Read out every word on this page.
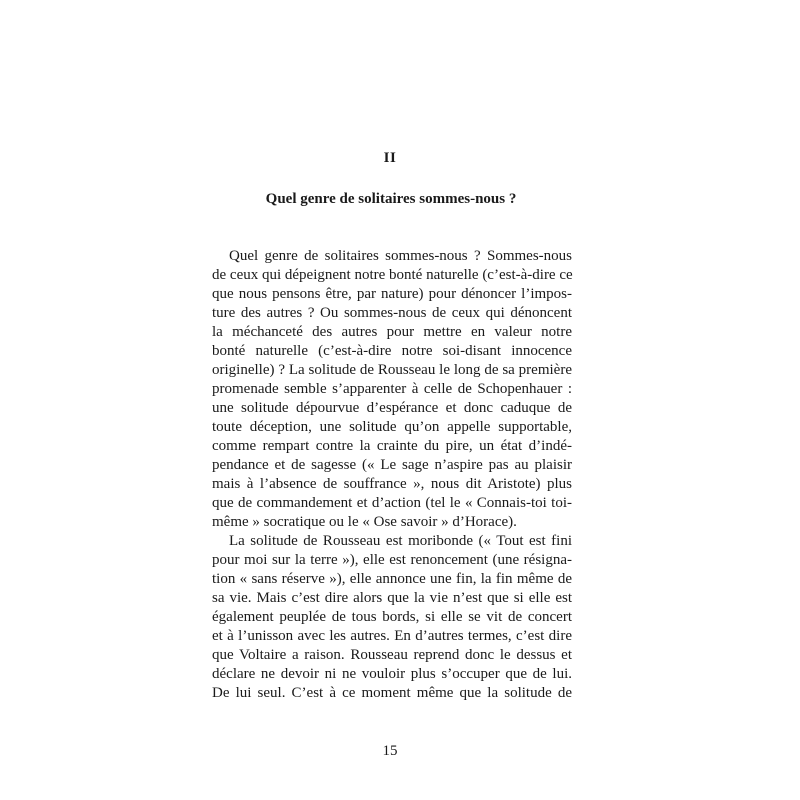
II
Quel genre de solitaires sommes-nous ?
Quel genre de solitaires sommes-nous ? Sommes-nous
de ceux qui dépeignent notre bonté naturelle (c’est-à-dire ce
que nous pensons être, par nature) pour dénoncer l’impos-
ture des autres ? Ou sommes-nous de ceux qui dénoncent
la méchanceté des autres pour mettre en valeur notre
bonté naturelle (c’est-à-dire notre soi-disant innocence
originelle) ? La solitude de Rousseau le long de sa première
promenade semble s’apparenter à celle de Schopenhauer :
une solitude dépourvue d’espérance et donc caduque de
toute déception, une solitude qu’on appelle supportable,
comme rempart contre la crainte du pire, un état d’indé-
pendance et de sagesse (« Le sage n’aspire pas au plaisir
mais à l’absence de souffrance », nous dit Aristote) plus
que de commandement et d’action (tel le « Connais-toi toi-
même » socratique ou le « Ose savoir » d’Horace).
La solitude de Rousseau est moribonde (« Tout est fini
pour moi sur la terre »), elle est renoncement (une résigna-
tion « sans réserve »), elle annonce une fin, la fin même de
sa vie. Mais c’est dire alors que la vie n’est que si elle est
également peuplée de tous bords, si elle se vit de concert
et à l’unisson avec les autres. En d’autres termes, c’est dire
que Voltaire a raison. Rousseau reprend donc le dessus et
déclare ne devoir ni ne vouloir plus s’occuper que de lui.
De lui seul. C’est à ce moment même que la solitude de
15
